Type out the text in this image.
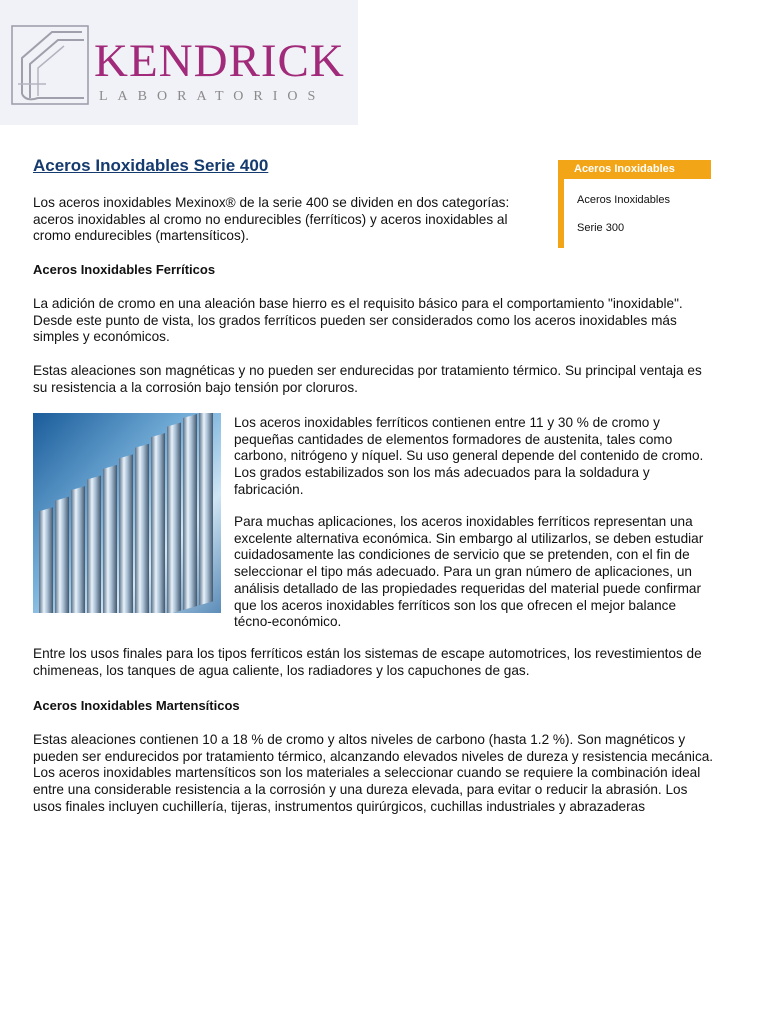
KENDRICK
LABORATORIOS
Aceros Inoxidables Serie 400	Aceros Inoxidables
Aceros Inoxidables
Serie 300

Los aceros inoxidables Mexinox® de la serie 400 se dividen en dos categorías: aceros inoxidables al cromo no endurecibles (ferríticos) y aceros inoxidables al cromo endurecibles (martensíticos).

Aceros Inoxidables Ferríticos

La adición de cromo en una aleación base hierro es el requisito básico para el comportamiento "inoxidable". Desde este punto de vista, los grados ferríticos pueden ser considerados como los aceros inoxidables más simples y económicos.

Estas aleaciones son magnéticas y no pueden ser endurecidas por tratamiento térmico. Su principal ventaja es su resistencia a la corrosión bajo tensión por cloruros.

Los aceros inoxidables ferríticos contienen entre 11 y 30 % de cromo y pequeñas cantidades de elementos formadores de austenita, tales como carbono, nitrógeno y níquel. Su uso general depende del contenido de cromo. Los grados estabilizados son los más adecuados para la soldadura y fabricación.

Para muchas aplicaciones, los aceros inoxidables ferríticos representan una excelente alternativa económica. Sin embargo al utilizarlos, se deben estudiar cuidadosamente las condiciones de servicio que se pretenden, con el fin de seleccionar el tipo más adecuado. Para un gran número de aplicaciones, un análisis detallado de las propiedades requeridas del material puede confirmar que los aceros inoxidables ferríticos son los que ofrecen el mejor balance técno-económico.

Entre los usos finales para los tipos ferríticos están los sistemas de escape automotrices, los revestimientos de chimeneas, los tanques de agua caliente, los radiadores y los capuchones de gas.

Aceros Inoxidables Martensíticos

Estas aleaciones contienen 10 a 18 % de cromo y altos niveles de carbono (hasta 1.2 %). Son magnéticos y pueden ser endurecidos por tratamiento térmico, alcanzando elevados niveles de dureza y resistencia mecánica. Los aceros inoxidables martensíticos son los materiales a seleccionar cuando se requiere la combinación ideal entre una considerable resistencia a la corrosión y una dureza elevada, para evitar o reducir la abrasión. Los usos finales incluyen cuchillería, tijeras, instrumentos quirúrgicos, cuchillas industriales y abrazaderas
